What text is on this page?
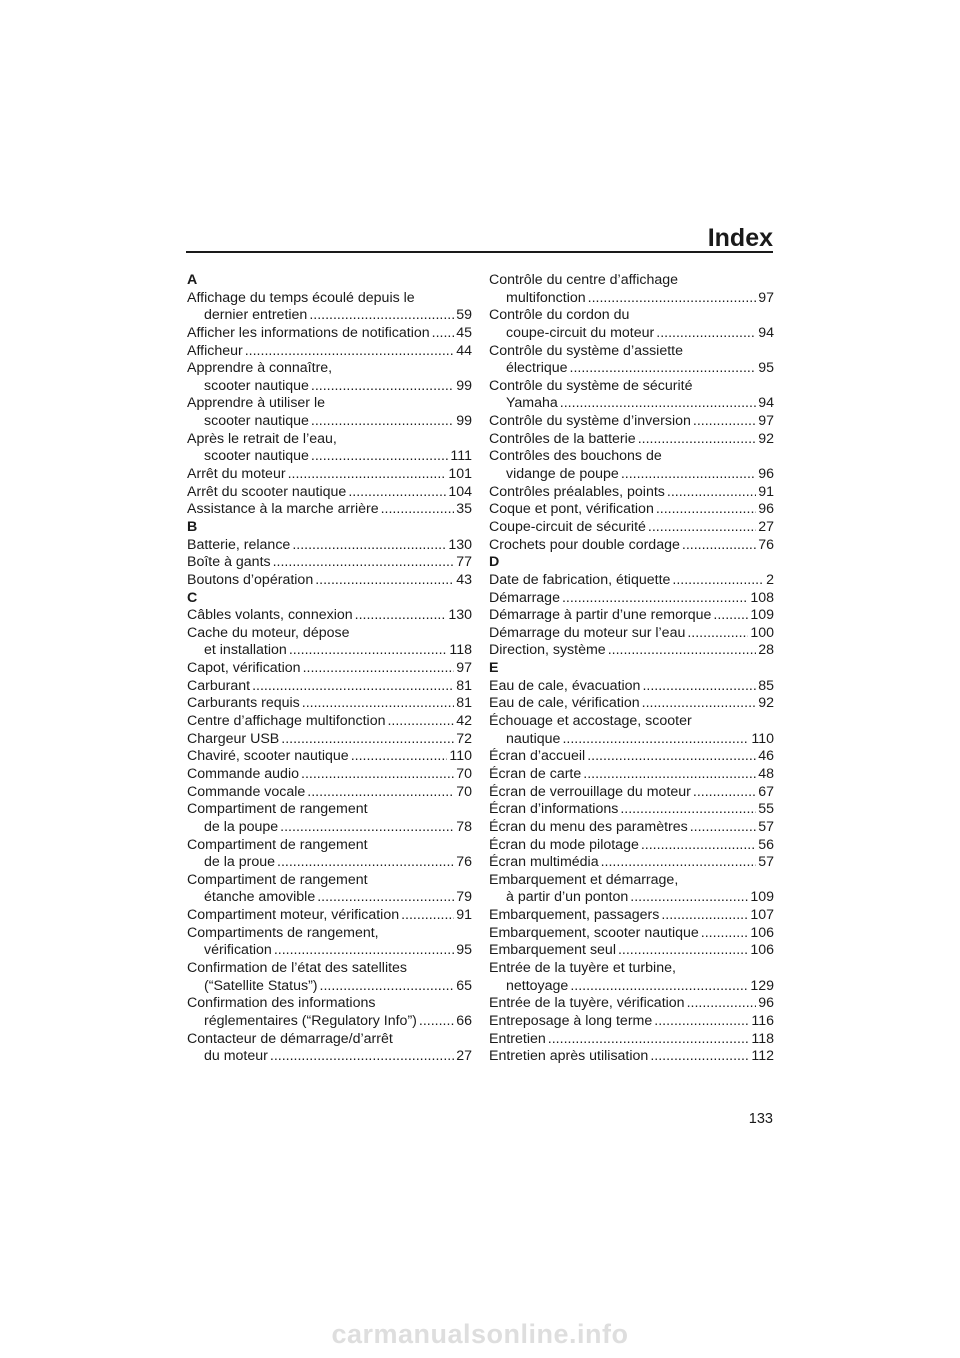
Index
A
Affichage du temps écoulé depuis le
dernier entretien .....	59
Afficher les informations de notification ..... 45
Afficheur .....	44
Apprendre à connaître,
scooter nautique .....	99
Apprendre à utiliser le
scooter nautique .....	99
Après le retrait de l’eau,
scooter nautique .....	111
Arrêt du moteur .....	101
Arrêt du scooter nautique .....	104
Assistance à la marche arrière .....	35
B
Batterie, relance .....	130
Boîte à gants .....	77
Boutons d’opération .....	43
C
Câbles volants, connexion .....	130
Cache du moteur, dépose
et installation .....	118
Capot, vérification .....	97
Carburant .....	81
Carburants requis .....	81
Centre d’affichage multifonction .....	42
Chargeur USB .....	72
Chaviré, scooter nautique .....	110
Commande audio .....	70
Commande vocale .....	70
Compartiment de rangement
de la poupe .....	78
Compartiment de rangement
de la proue .....	76
Compartiment de rangement
étanche amovible .....	79
Compartiment moteur, vérification .....	91
Compartiments de rangement,
vérification .....	95
Confirmation de l’état des satellites
(“Satellite Status”) .....	65
Confirmation des informations
réglementaires (“Regulatory Info”) .....	66
Contacteur de démarrage/d’arrêt
du moteur .....	27
Contrôle du centre d’affichage
multifonction .....	97
Contrôle du cordon du
coupe-circuit du moteur .....	94
Contrôle du système d’assiette
électrique .....	95
Contrôle du système de sécurité
Yamaha .....	94
Contrôle du système d’inversion .....	97
Contrôles de la batterie .....	92
Contrôles des bouchons de
vidange de poupe .....	96
Contrôles préalables, points .....	91
Coque et pont, vérification .....	96
Coupe-circuit de sécurité .....	27
Crochets pour double cordage .....	76
D
Date de fabrication, étiquette .....	2
Démarrage .....	108
Démarrage à partir d’une remorque .....	109
Démarrage du moteur sur l’eau .....	100
Direction, système .....	28
E
Eau de cale, évacuation .....	85
Eau de cale, vérification .....	92
Échouage et accostage, scooter
nautique .....	110
Écran d’accueil .....	46
Écran de carte .....	48
Écran de verrouillage du moteur .....	67
Écran d’informations .....	55
Écran du menu des paramètres .....	57
Écran du mode pilotage .....	56
Écran multimédia .....	57
Embarquement et démarrage,
à partir d’un ponton .....	109
Embarquement, passagers .....	107
Embarquement, scooter nautique .....	106
Embarquement seul .....	106
Entrée de la tuyère et turbine,
nettoyage .....	129
Entrée de la tuyère, vérification .....	96
Entreposage à long terme .....	116
Entretien .....	118
Entretien après utilisation .....	112
133
carmanualsonline.info
